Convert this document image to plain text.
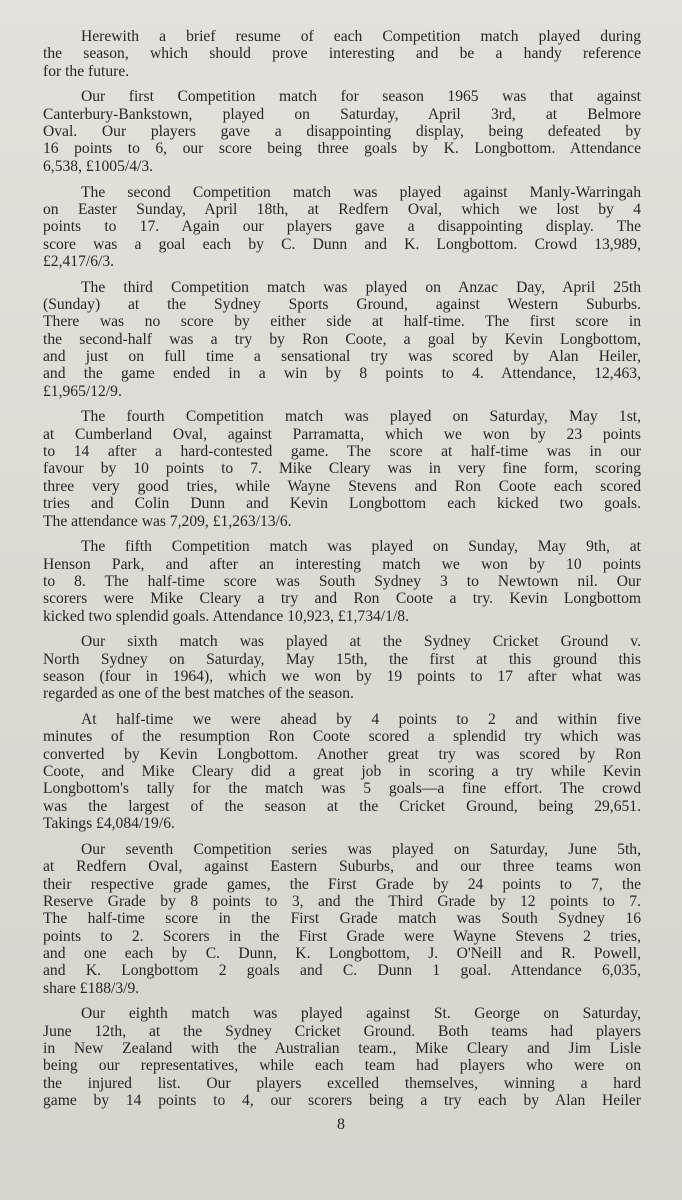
Herewith a brief resume of each Competition match played during
the season, which should prove interesting and be a handy reference
for the future.

Our first Competition match for season 1965 was that against
Canterbury-Bankstown, played on Saturday, April 3rd, at Belmore
Oval. Our players gave a disappointing display, being defeated by
16 points to 6, our score being three goals by K. Longbottom. Attendance
6,538, £1005/4/3.

The second Competition match was played against Manly-Warringah
on Easter Sunday, April 18th, at Redfern Oval, which we lost by 4
points to 17. Again our players gave a disappointing display. The
score was a goal each by C. Dunn and K. Longbottom. Crowd 13,989,
£2,417/6/3.

The third Competition match was played on Anzac Day, April 25th
(Sunday) at the Sydney Sports Ground, against Western Suburbs.
There was no score by either side at half-time. The first score in
the second-half was a try by Ron Coote, a goal by Kevin Longbottom,
and just on full time a sensational try was scored by Alan Heiler,
and the game ended in a win by 8 points to 4. Attendance, 12,463,
£1,965/12/9.

The fourth Competition match was played on Saturday, May 1st,
at Cumberland Oval, against Parramatta, which we won by 23 points
to 14 after a hard-contested game. The score at half-time was in our
favour by 10 points to 7. Mike Cleary was in very fine form, scoring
three very good tries, while Wayne Stevens and Ron Coote each scored
tries and Colin Dunn and Kevin Longbottom each kicked two goals.
The attendance was 7,209, £1,263/13/6.

The fifth Competition match was played on Sunday, May 9th, at
Henson Park, and after an interesting match we won by 10 points
to 8. The half-time score was South Sydney 3 to Newtown nil. Our
scorers were Mike Cleary a try and Ron Coote a try. Kevin Longbottom
kicked two splendid goals. Attendance 10,923, £1,734/1/8.

Our sixth match was played at the Sydney Cricket Ground v.
North Sydney on Saturday, May 15th, the first at this ground this
season (four in 1964), which we won by 19 points to 17 after what was
regarded as one of the best matches of the season.

At half-time we were ahead by 4 points to 2 and within five
minutes of the resumption Ron Coote scored a splendid try which was
converted by Kevin Longbottom. Another great try was scored by Ron
Coote, and Mike Cleary did a great job in scoring a try while Kevin
Longbottom's tally for the match was 5 goals—a fine effort. The crowd
was the largest of the season at the Cricket Ground, being 29,651.
Takings £4,084/19/6.

Our seventh Competition series was played on Saturday, June 5th,
at Redfern Oval, against Eastern Suburbs, and our three teams won
their respective grade games, the First Grade by 24 points to 7, the
Reserve Grade by 8 points to 3, and the Third Grade by 12 points to 7.
The half-time score in the First Grade match was South Sydney 16
points to 2. Scorers in the First Grade were Wayne Stevens 2 tries,
and one each by C. Dunn, K. Longbottom, J. O'Neill and R. Powell,
and K. Longbottom 2 goals and C. Dunn 1 goal. Attendance 6,035,
share £188/3/9.

Our eighth match was played against St. George on Saturday,
June 12th, at the Sydney Cricket Ground. Both teams had players
in New Zealand with the Australian team., Mike Cleary and Jim Lisle
being our representatives, while each team had players who were on
the injured list. Our players excelled themselves, winning a hard
game by 14 points to 4, our scorers being a try each by Alan Heiler

8
